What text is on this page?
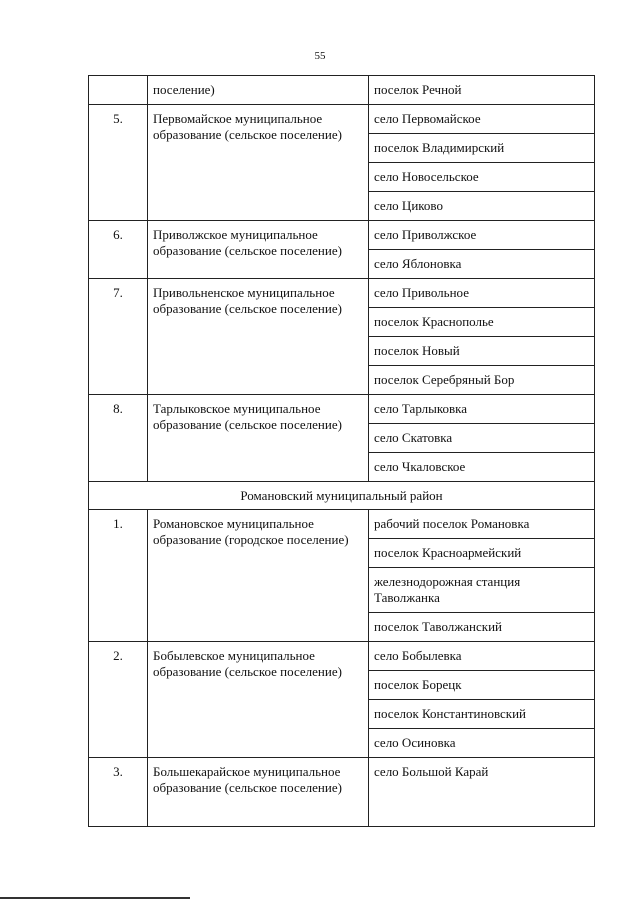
55
	поселение)	поселок Речной
5.	Первомайское муниципальное образование (сельское поселение)	село Первомайское
		поселок Владимирский
		село Новосельское
		село Циково
6.	Приволжское муниципальное образование (сельское поселение)	село Приволжское
		село Яблоновка
7.	Привольненское муниципальное образование (сельское поселение)	село Привольное
		поселок Краснополье
		поселок Новый
		поселок Серебряный Бор
8.	Тарлыковское муниципальное образование (сельское поселение)	село Тарлыковка
		село Скатовка
		село Чкаловское
Романовский муниципальный район		
1.	Романовское муниципальное образование (городское поселение)	рабочий поселок Романовка
		поселок Красноармейский
		железнодорожная станция Таволжанка
		поселок Таволжанский
2.	Бобылевское муниципальное образование (сельское поселение)	село Бобылевка
		поселок Борецк
		поселок Константиновский
		село Осиновка
3.	Большекарайское муниципальное образование (сельское поселение)	село Большой Карай
